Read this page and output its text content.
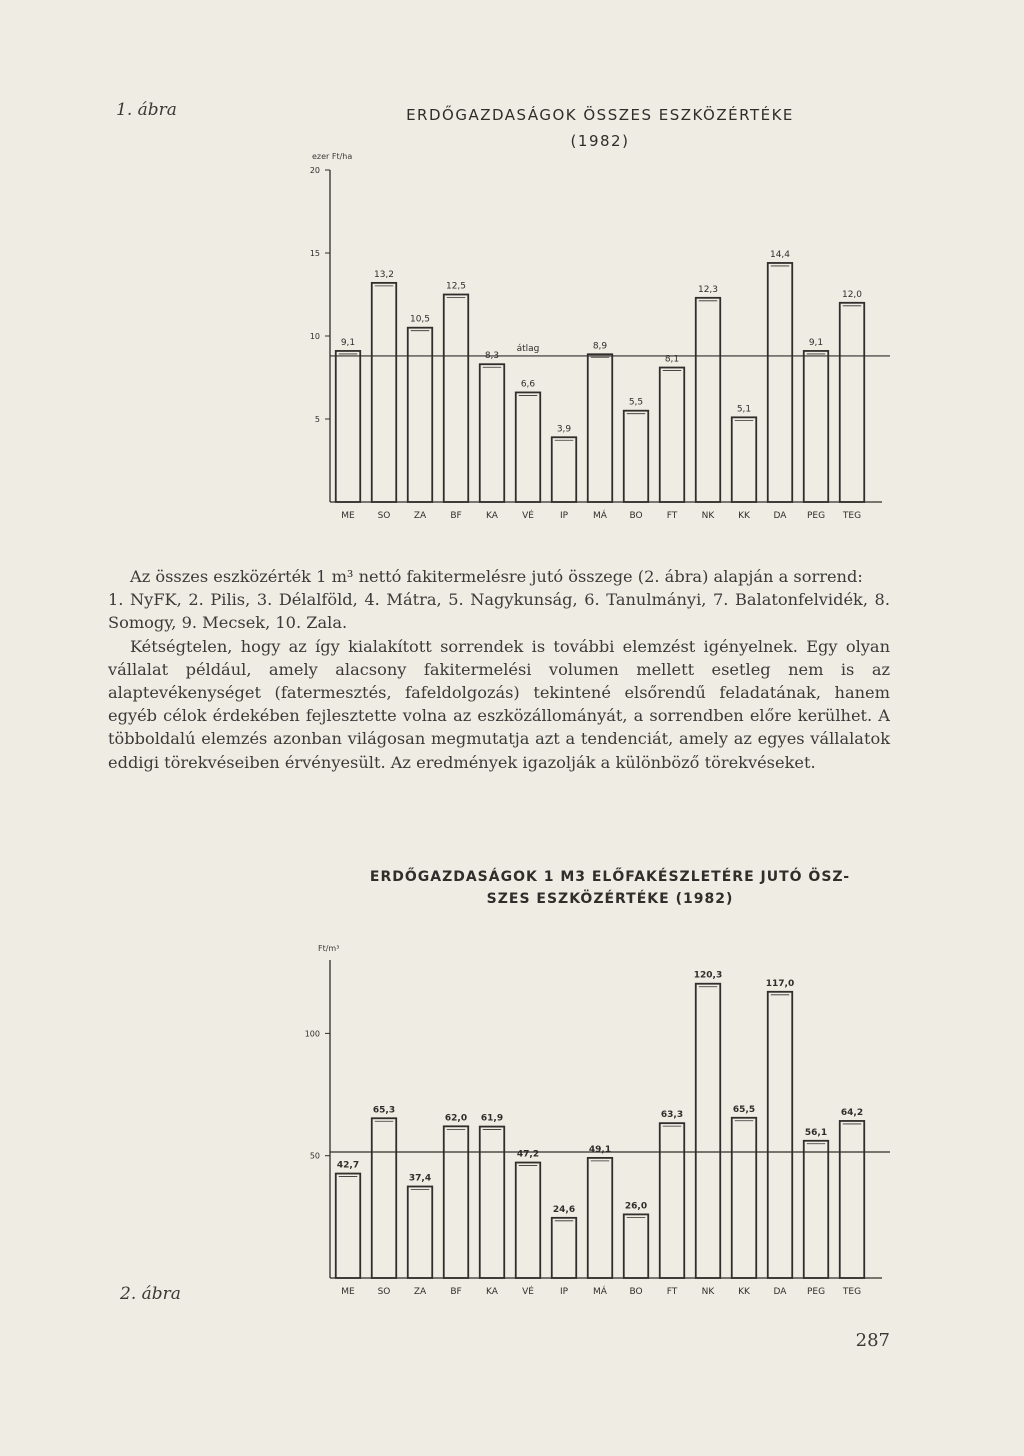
1. ábra	ERDŐGAZDASÁGOK ÖSSZES ESZKÖZÉRTÉKE
(1982)
ezer Ft/ha
5
10
15
20
9,1
ME
13,2
SO
10,5
ZA
12,5
BF
8,3
KA
6,6
VÉ
3,9
IP
8,9
MÁ
5,5
BO
8,1
FT
12,3
NK
5,1
KK
14,4
DA
9,1
PEG
12,0
TEG
átlag

Az összes eszközérték 1 m³ nettó fakitermelésre jutó összege (2. ábra) alapján a sorrend:

1. NyFK, 2. Pilis, 3. Délalföld, 4. Mátra, 5. Nagykunság, 6. Tanulmányi, 7. Balatonfelvidék, 8. Somogy, 9. Mecsek, 10. Zala.

Kétségtelen, hogy az így kialakított sorrendek is további elemzést igényelnek. Egy olyan vállalat például, amely alacsony fakitermelési volumen mellett esetleg nem is az alaptevékenységet (fatermesztés, fafeldolgozás) tekintené elsőrendű feladatának, hanem egyéb célok érdekében fejlesztette volna az eszközállományát, a sorrendben előre kerülhet. A többoldalú elemzés azonban világosan megmutatja azt a tendenciát, amely az egyes vállalatok eddigi törekvéseiben érvényesült. Az eredmények igazolják a különböző törekvéseket.

ERDŐGAZDASÁGOK 1 M3 ELŐFAKÉSZLETÉRE JUTÓ ÖSZ-
SZES ESZKÖZÉRTÉKE (1982)
Ft/m³
50
100
42,7
ME
65,3
SO
37,4
ZA
62,0
BF
61,9
KA
47,2
VÉ
24,6
IP
49,1
MÁ
26,0
BO
63,3
FT
120,3
NK
65,5
KK
117,0
DA
56,1
PEG
64,2
TEG
2. ábra
287
